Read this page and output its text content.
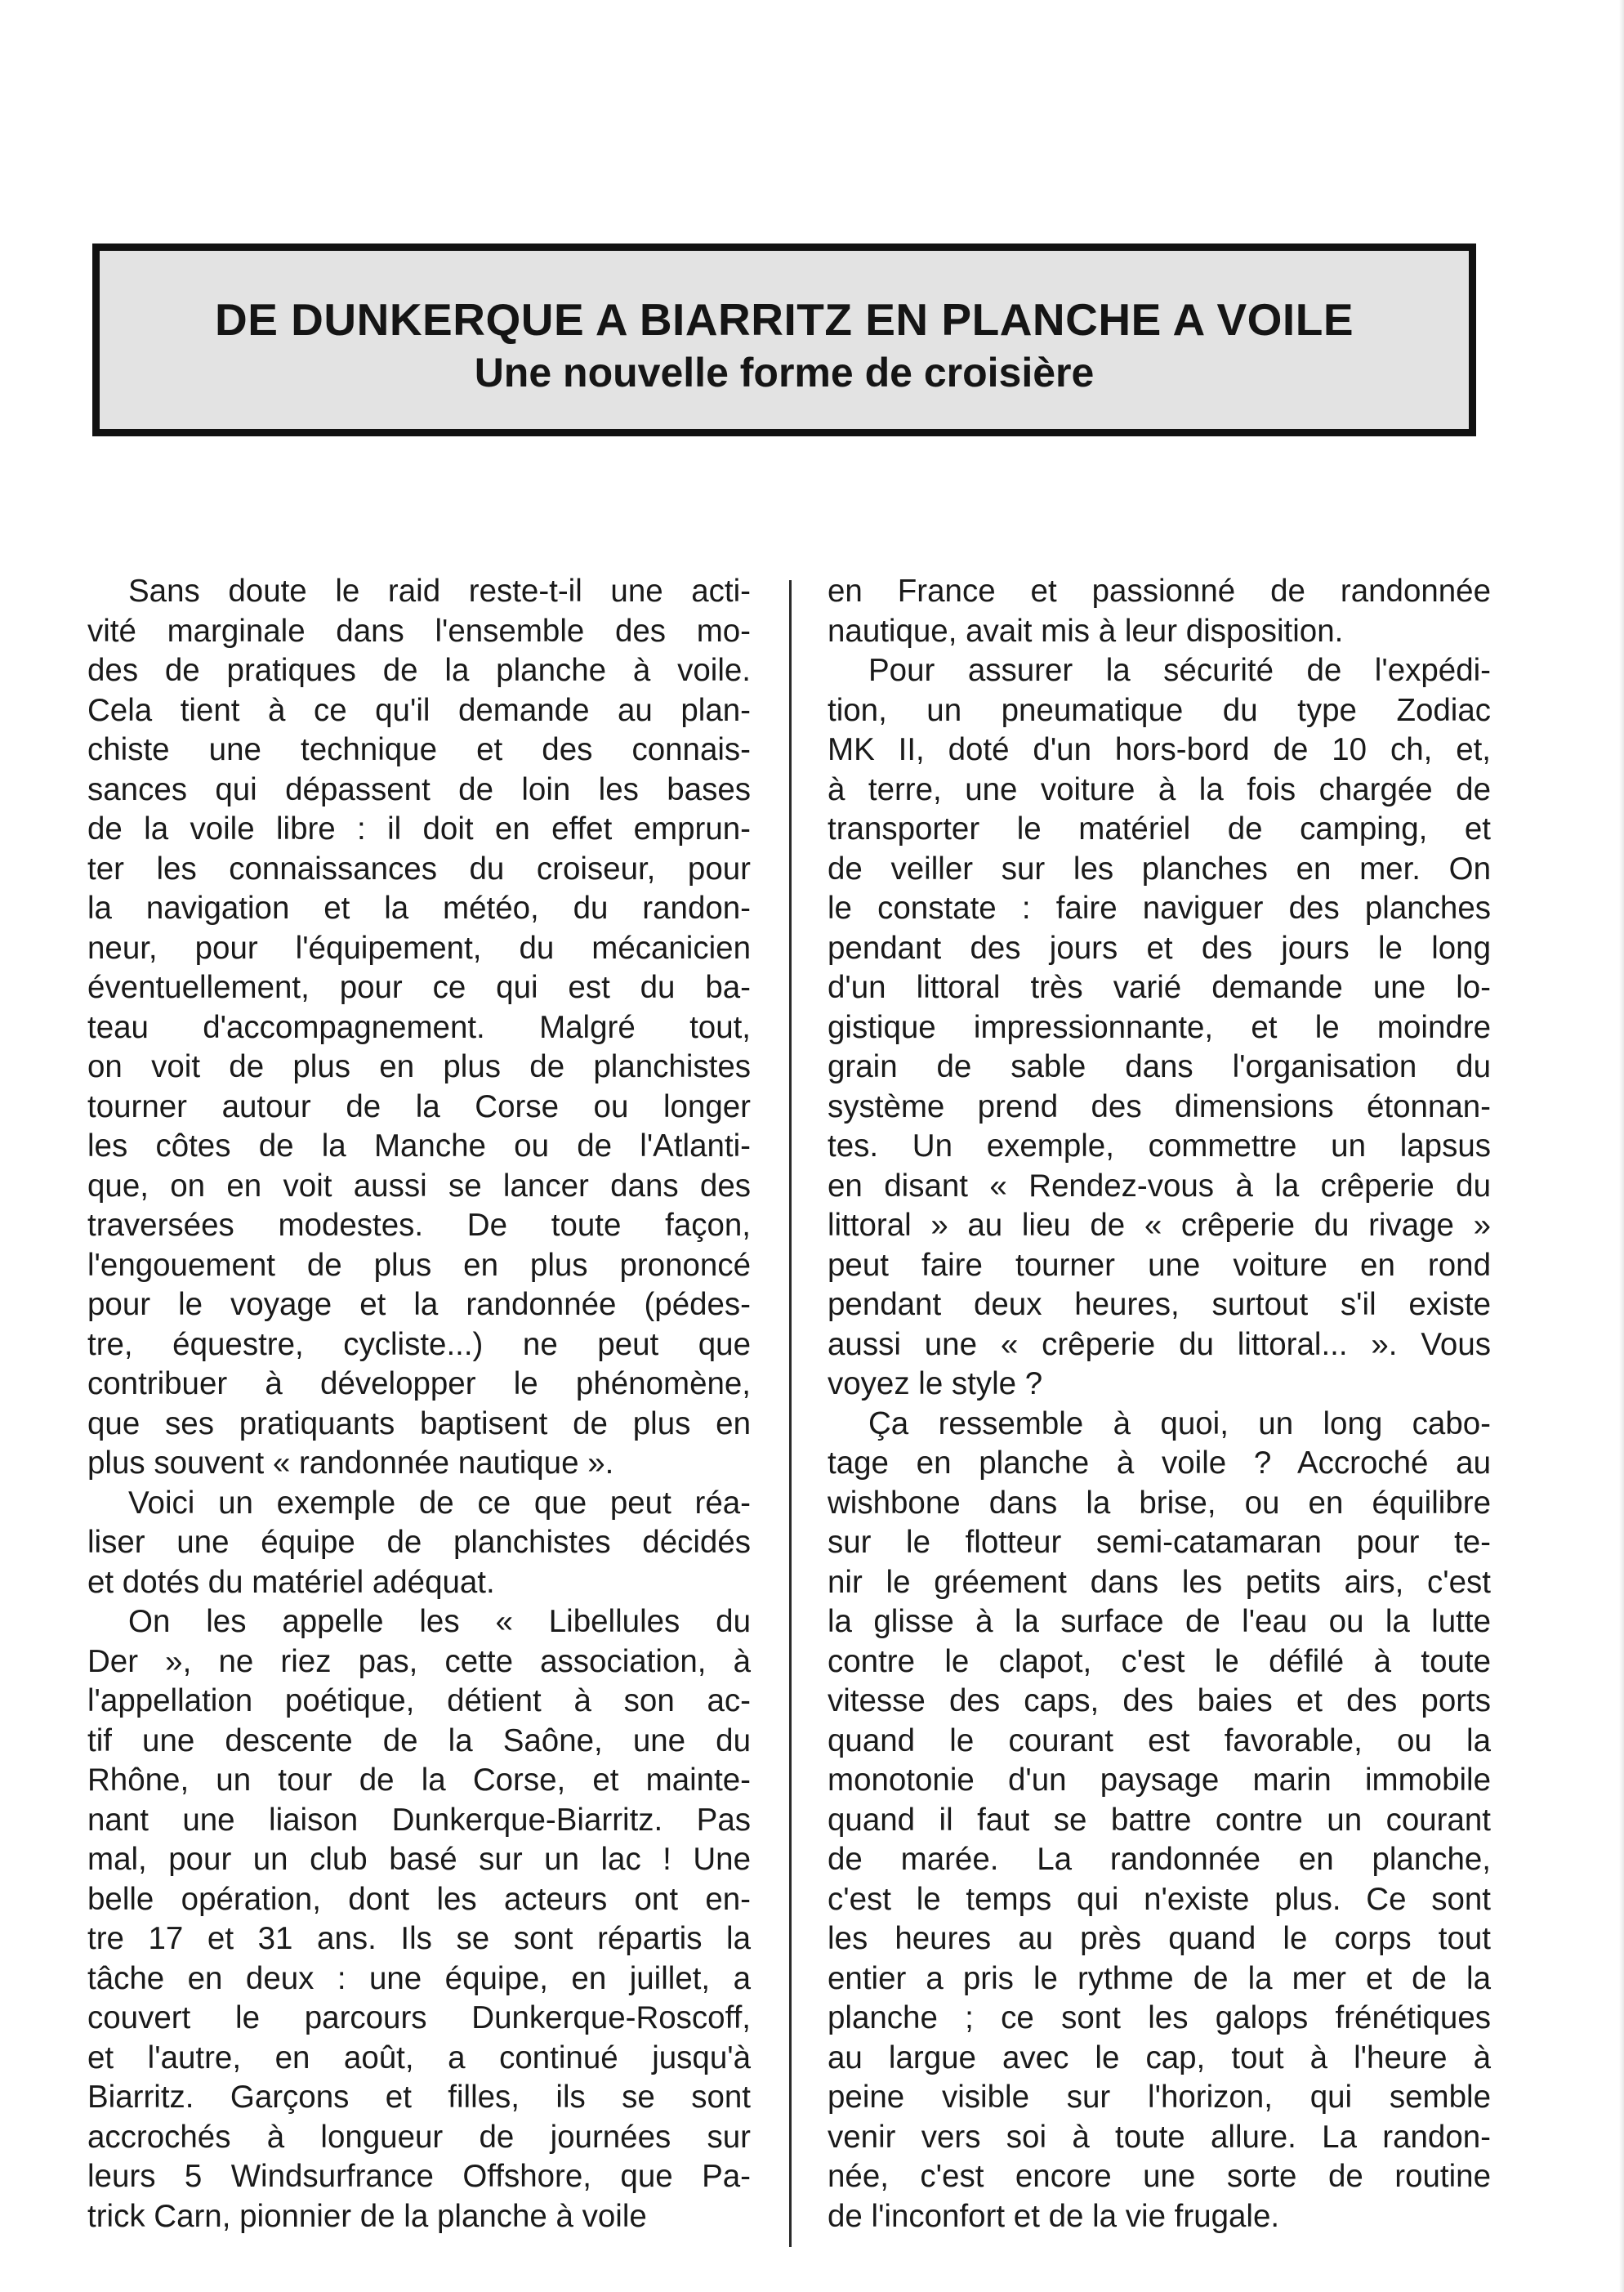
DE DUNKERQUE A BIARRITZ EN PLANCHE A VOILE
Une nouvelle forme de croisière

Sans doute le raid reste-t-il une acti-
vité marginale dans l'ensemble des mo-
des de pratiques de la planche à voile.
Cela tient à ce qu'il demande au plan-
chiste une technique et des connais-
sances qui dépassent de loin les bases
de la voile libre : il doit en effet emprun-
ter les connaissances du croiseur, pour
la navigation et la météo, du randon-
neur, pour l'équipement, du mécanicien
éventuellement, pour ce qui est du ba-
teau d'accompagnement. Malgré tout,
on voit de plus en plus de planchistes
tourner autour de la Corse ou longer
les côtes de la Manche ou de l'Atlanti-
que, on en voit aussi se lancer dans des
traversées modestes. De toute façon,
l'engouement de plus en plus prononcé
pour le voyage et la randonnée (pédes-
tre, équestre, cycliste...) ne peut que
contribuer à développer le phénomène,
que ses pratiquants baptisent de plus en
plus souvent « randonnée nautique ».

Voici un exemple de ce que peut réa-
liser une équipe de planchistes décidés
et dotés du matériel adéquat.

On les appelle les « Libellules du
Der », ne riez pas, cette association, à
l'appellation poétique, détient à son ac-
tif une descente de la Saône, une du
Rhône, un tour de la Corse, et mainte-
nant une liaison Dunkerque-Biarritz. Pas
mal, pour un club basé sur un lac ! Une
belle opération, dont les acteurs ont en-
tre 17 et 31 ans. Ils se sont répartis la
tâche en deux : une équipe, en juillet, a
couvert le parcours Dunkerque-Roscoff,
et l'autre, en août, a continué jusqu'à
Biarritz. Garçons et filles, ils se sont
accrochés à longueur de journées sur
leurs 5 Windsurfrance Offshore, que Pa-
trick Carn, pionnier de la planche à voile

en France et passionné de randonnée
nautique, avait mis à leur disposition.

Pour assurer la sécurité de l'expédi-
tion, un pneumatique du type Zodiac
MK II, doté d'un hors-bord de 10 ch, et,
à terre, une voiture à la fois chargée de
transporter le matériel de camping, et
de veiller sur les planches en mer. On
le constate : faire naviguer des planches
pendant des jours et des jours le long
d'un littoral très varié demande une lo-
gistique impressionnante, et le moindre
grain de sable dans l'organisation du
système prend des dimensions étonnan-
tes. Un exemple, commettre un lapsus
en disant « Rendez-vous à la crêperie du
littoral » au lieu de « crêperie du rivage »
peut faire tourner une voiture en rond
pendant deux heures, surtout s'il existe
aussi une « crêperie du littoral... ». Vous
voyez le style ?

Ça ressemble à quoi, un long cabo-
tage en planche à voile ? Accroché au
wishbone dans la brise, ou en équilibre
sur le flotteur semi-catamaran pour te-
nir le gréement dans les petits airs, c'est
la glisse à la surface de l'eau ou la lutte
contre le clapot, c'est le défilé à toute
vitesse des caps, des baies et des ports
quand le courant est favorable, ou la
monotonie d'un paysage marin immobile
quand il faut se battre contre un courant
de marée. La randonnée en planche,
c'est le temps qui n'existe plus. Ce sont
les heures au près quand le corps tout
entier a pris le rythme de la mer et de la
planche ; ce sont les galops frénétiques
au largue avec le cap, tout à l'heure à
peine visible sur l'horizon, qui semble
venir vers soi à toute allure. La randon-
née, c'est encore une sorte de routine
de l'inconfort et de la vie frugale.
